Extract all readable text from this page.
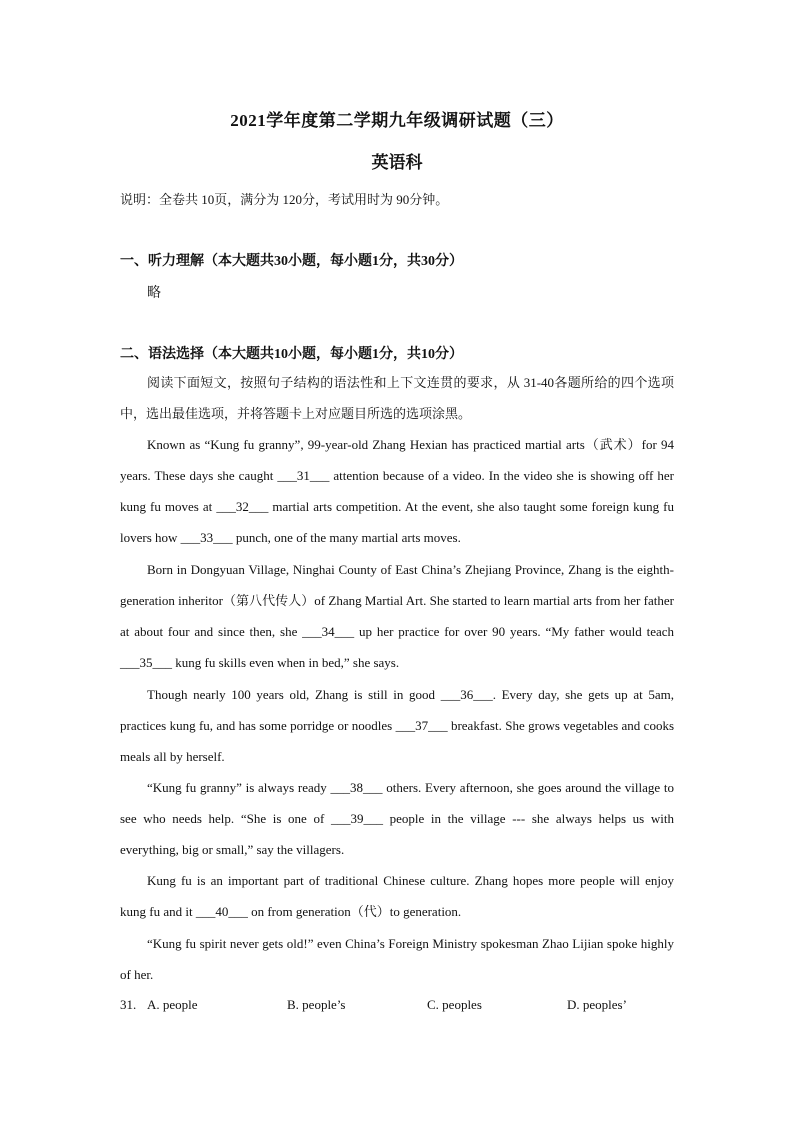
2021学年度第二学期九年级调研试题（三）
英语科
说明：全卷共 10页，满分为 120分，考试用时为 90分钟。
一、听力理解（本大题共30小题，每小题1分，共30分）
略
二、语法选择（本大题共10小题，每小题1分，共10分）
阅读下面短文，按照句子结构的语法性和上下文连贯的要求，从 31-40各题所给的四个选项中，选出最佳选项，并将答题卡上对应题目所选的选项涂黑。
Known as “Kung fu granny”, 99-year-old Zhang Hexian has practiced martial arts（武术）for 94 years. These days she caught ___31___ attention because of a video. In the video she is showing off her kung fu moves at ___32___ martial arts competition. At the event, she also taught some foreign kung fu lovers how ___33___ punch, one of the many martial arts moves.
Born in Dongyuan Village, Ninghai County of East China’s Zhejiang Province, Zhang is the eighth-generation inheritor（第八代传人）of Zhang Martial Art. She started to learn martial arts from her father at about four and since then, she ___34___ up her practice for over 90 years. “My father would teach ___35___ kung fu skills even when in bed,” she says.
Though nearly 100 years old, Zhang is still in good ___36___. Every day, she gets up at 5am, practices kung fu, and has some porridge or noodles ___37___ breakfast. She grows vegetables and cooks meals all by herself.
“Kung fu granny” is always ready ___38___ others. Every afternoon, she goes around the village to see who needs help. “She is one of ___39___ people in the village --- she always helps us with everything, big or small,” say the villagers.
Kung fu is an important part of traditional Chinese culture. Zhang hopes more people will enjoy kung fu and it ___40___ on from generation（代）to generation.
“Kung fu spirit never gets old!” even China’s Foreign Ministry spokesman Zhao Lijian spoke highly of her.
31. A. people	B. people’s	C. peoples	D. peoples’
